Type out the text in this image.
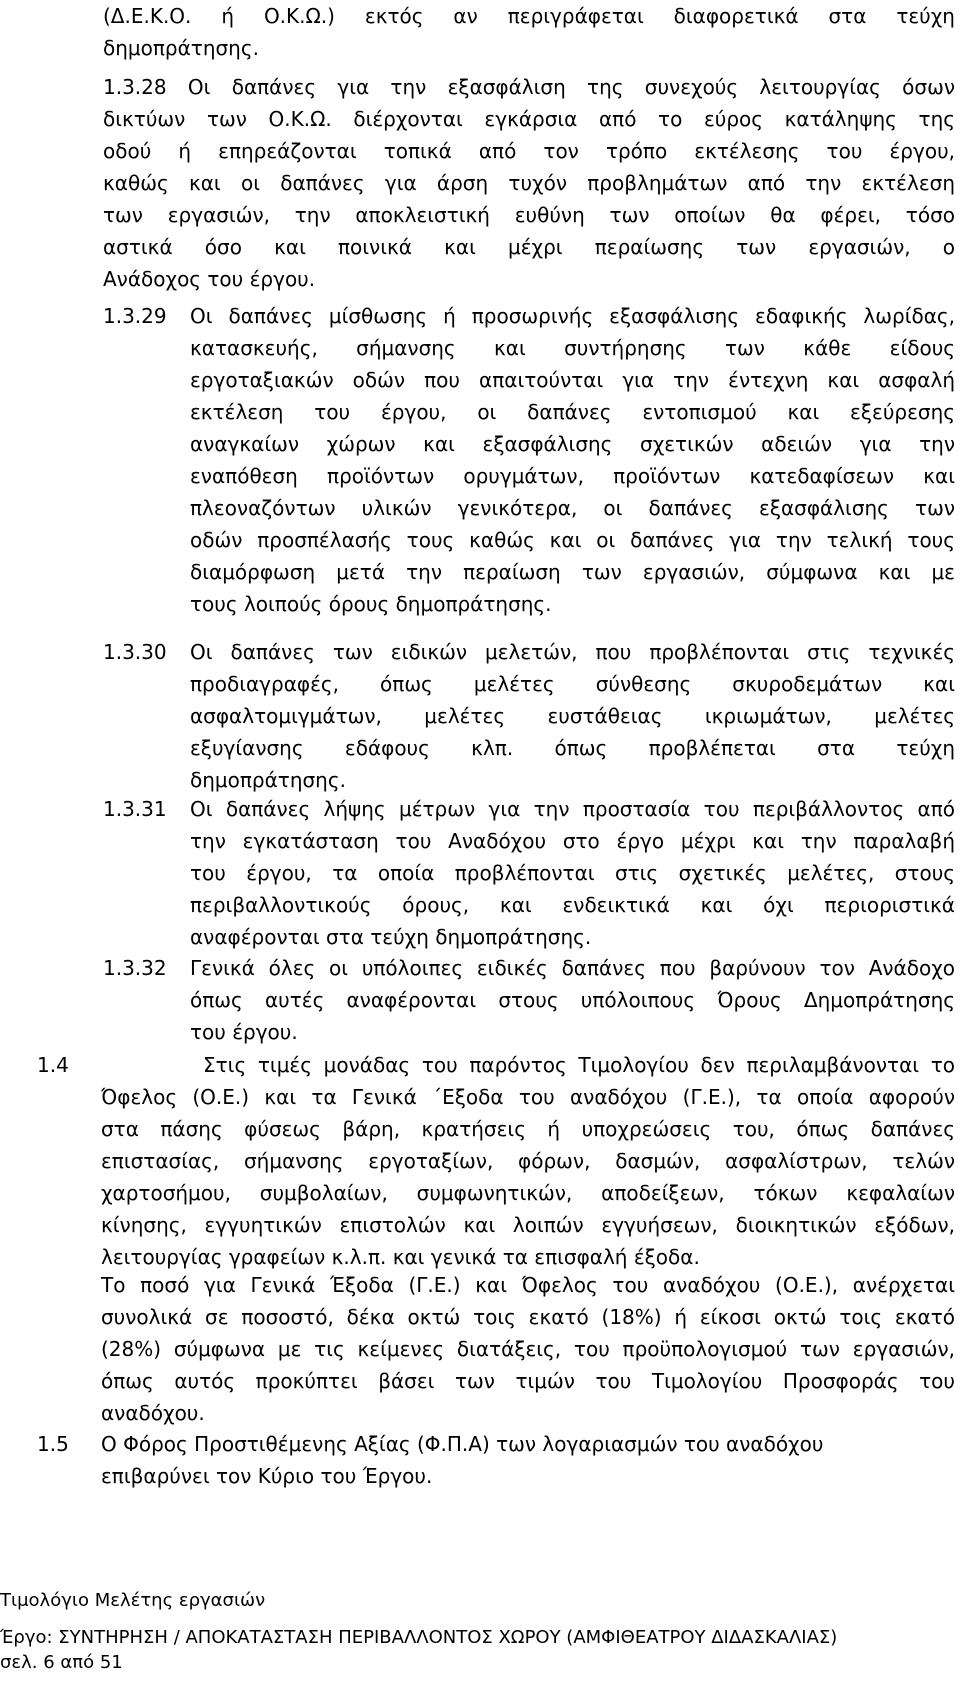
(Δ.Ε.Κ.Ο. ή Ο.Κ.Ω.) εκτός αν περιγράφεται διαφορετικά στα τεύχη
δημοπράτησης.
1.3.28 Οι δαπάνες για την εξασφάλιση της συνεχούς λειτουργίας όσων
δικτύων των Ο.Κ.Ω. διέρχονται εγκάρσια από το εύρος κατάληψης της
οδού ή επηρεάζονται τοπικά από τον τρόπο εκτέλεσης του έργου,
καθώς και οι δαπάνες για άρση τυχόν προβλημάτων από την εκτέλεση
των εργασιών, την αποκλειστική ευθύνη των οποίων θα φέρει, τόσο
αστικά όσο και ποινικά και μέχρι περαίωσης των εργασιών, ο
Ανάδοχος του έργου.
1.3.29 Οι δαπάνες μίσθωσης ή προσωρινής εξασφάλισης εδαφικής λωρίδας,
κατασκευής, σήμανσης και συντήρησης των κάθε είδους
εργοταξιακών οδών που απαιτούνται για την έντεχνη και ασφαλή
εκτέλεση του έργου, οι δαπάνες εντοπισμού και εξεύρεσης
αναγκαίων χώρων και εξασφάλισης σχετικών αδειών για την
εναπόθεση προϊόντων ορυγμάτων, προϊόντων κατεδαφίσεων και
πλεοναζόντων υλικών γενικότερα, οι δαπάνες εξασφάλισης των
οδών προσπέλασής τους καθώς και οι δαπάνες για την τελική τους
διαμόρφωση μετά την περαίωση των εργασιών, σύμφωνα και με
τους λοιπούς όρους δημοπράτησης.
1.3.30 Οι δαπάνες των ειδικών μελετών, που προβλέπονται στις τεχνικές
προδιαγραφές, όπως μελέτες σύνθεσης σκυροδεμάτων και
ασφαλτομιγμάτων, μελέτες ευστάθειας ικριωμάτων, μελέτες
εξυγίανσης εδάφους κλπ. όπως προβλέπεται στα τεύχη
δημοπράτησης.
1.3.31 Οι δαπάνες λήψης μέτρων για την προστασία του περιβάλλοντος από
την εγκατάσταση του Αναδόχου στο έργο μέχρι και την παραλαβή
του έργου, τα οποία προβλέπονται στις σχετικές μελέτες, στους
περιβαλλοντικούς όρους, και ενδεικτικά και όχι περιοριστικά
αναφέρονται στα τεύχη δημοπράτησης.
1.3.32 Γενικά όλες οι υπόλοιπες ειδικές δαπάνες που βαρύνουν τον Ανάδοχο
όπως αυτές αναφέρονται στους υπόλοιπους Όρους Δημοπράτησης
του έργου.
1.4	Στις τιμές μονάδας του παρόντος Τιμολογίου δεν περιλαμβάνονται το
Όφελος (Ο.Ε.) και τα Γενικά ΄Εξοδα του αναδόχου (Γ.Ε.), τα οποία αφορούν
στα πάσης φύσεως βάρη, κρατήσεις ή υποχρεώσεις του, όπως δαπάνες
επιστασίας, σήμανσης εργοταξίων, φόρων, δασμών, ασφαλίστρων, τελών
χαρτοσήμου, συμβολαίων, συμφωνητικών, αποδείξεων, τόκων κεφαλαίων
κίνησης, εγγυητικών επιστολών και λοιπών εγγυήσεων, διοικητικών εξόδων,
λειτουργίας γραφείων κ.λ.π. και γενικά τα επισφαλή έξοδα.
Το ποσό για Γενικά Έξοδα (Γ.Ε.) και Όφελος του αναδόχου (Ο.Ε.), ανέρχεται
συνολικά σε ποσοστό, δέκα οκτώ τοις εκατό (18%) ή είκοσι οκτώ τοις εκατό
(28%) σύμφωνα με τις κείμενες διατάξεις, του προϋπολογισμού των εργασιών,
όπως αυτός προκύπτει βάσει των τιμών του Τιμολογίου Προσφοράς του
αναδόχου.
1.5 Ο Φόρος Προστιθέμενης Αξίας (Φ.Π.Α) των λογαριασμών του αναδόχου
επιβαρύνει τον Κύριο του Έργου.
Τιμολόγιο Μελέτης εργασιών
Έργο: ΣΥΝΤΗΡΗΣΗ / ΑΠΟΚΑΤΑΣΤΑΣΗ ΠΕΡΙΒΑΛΛΟΝΤΟΣ ΧΩΡΟΥ (ΑΜΦΙΘΕΑΤΡΟΥ ΔΙΔΑΣΚΑΛΙΑΣ)
σελ. 6 από 51
